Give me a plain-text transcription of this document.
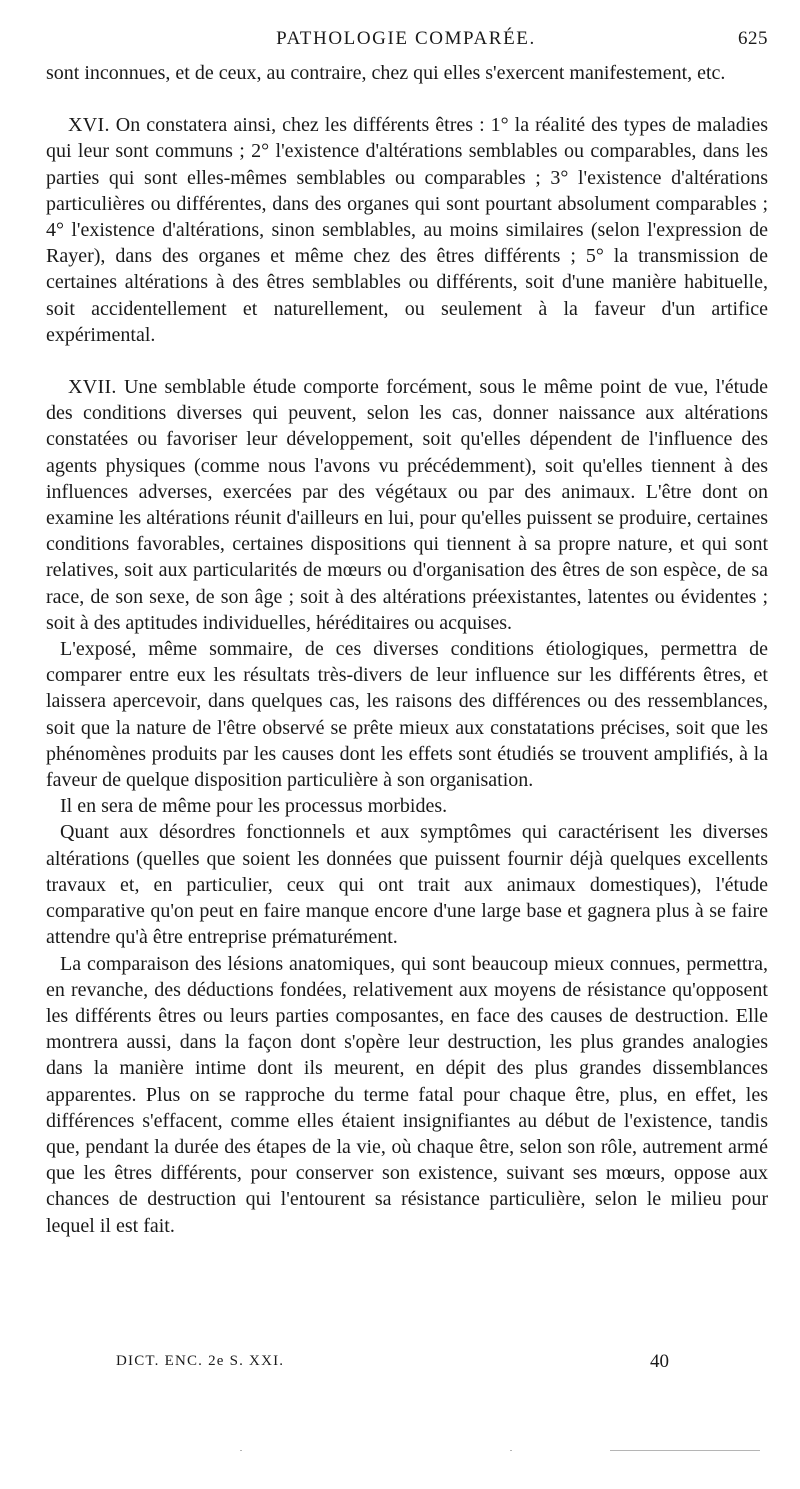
PATHOLOGIE COMPARÉE.	625

sont inconnues, et de ceux, au contraire, chez qui elles s'exercent manifestement, etc.

XVI. On constatera ainsi, chez les différents êtres : 1° la réalité des types de maladies qui leur sont communs ; 2° l'existence d'altérations semblables ou comparables, dans les parties qui sont elles-mêmes semblables ou comparables ; 3° l'existence d'altérations particulières ou différentes, dans des organes qui sont pourtant absolument comparables ; 4° l'existence d'altérations, sinon semblables, au moins similaires (selon l'expression de Rayer), dans des organes et même chez des êtres différents ; 5° la transmission de certaines altérations à des êtres semblables ou différents, soit d'une manière habituelle, soit accidentellement et naturellement, ou seulement à la faveur d'un artifice expérimental.

XVII. Une semblable étude comporte forcément, sous le même point de vue, l'étude des conditions diverses qui peuvent, selon les cas, donner naissance aux altérations constatées ou favoriser leur développement, soit qu'elles dépendent de l'influence des agents physiques (comme nous l'avons vu précédemment), soit qu'elles tiennent à des influences adverses, exercées par des végétaux ou par des animaux. L'être dont on examine les altérations réunit d'ailleurs en lui, pour qu'elles puissent se produire, certaines conditions favorables, certaines dispositions qui tiennent à sa propre nature, et qui sont relatives, soit aux particularités de mœurs ou d'organisation des êtres de son espèce, de sa race, de son sexe, de son âge ; soit à des altérations préexistantes, latentes ou évidentes ; soit à des aptitudes individuelles, héréditaires ou acquises.

L'exposé, même sommaire, de ces diverses conditions étiologiques, permettra de comparer entre eux les résultats très-divers de leur influence sur les différents êtres, et laissera apercevoir, dans quelques cas, les raisons des différences ou des ressemblances, soit que la nature de l'être observé se prête mieux aux constatations précises, soit que les phénomènes produits par les causes dont les effets sont étudiés se trouvent amplifiés, à la faveur de quelque disposition particulière à son organisation.

Il en sera de même pour les processus morbides.

Quant aux désordres fonctionnels et aux symptômes qui caractérisent les diverses altérations (quelles que soient les données que puissent fournir déjà quelques excellents travaux et, en particulier, ceux qui ont trait aux animaux domestiques), l'étude comparative qu'on peut en faire manque encore d'une large base et gagnera plus à se faire attendre qu'à être entreprise prématurément.

La comparaison des lésions anatomiques, qui sont beaucoup mieux connues, permettra, en revanche, des déductions fondées, relativement aux moyens de résistance qu'opposent les différents êtres ou leurs parties composantes, en face des causes de destruction. Elle montrera aussi, dans la façon dont s'opère leur destruction, les plus grandes analogies dans la manière intime dont ils meurent, en dépit des plus grandes dissemblances apparentes. Plus on se rapproche du terme fatal pour chaque être, plus, en effet, les différences s'effacent, comme elles étaient insignifiantes au début de l'existence, tandis que, pendant la durée des étapes de la vie, où chaque être, selon son rôle, autrement armé que les êtres différents, pour conserver son existence, suivant ses mœurs, oppose aux chances de destruction qui l'entourent sa résistance particulière, selon le milieu pour lequel il est fait.

DICT. ENC. 2e S. XXI.	40
